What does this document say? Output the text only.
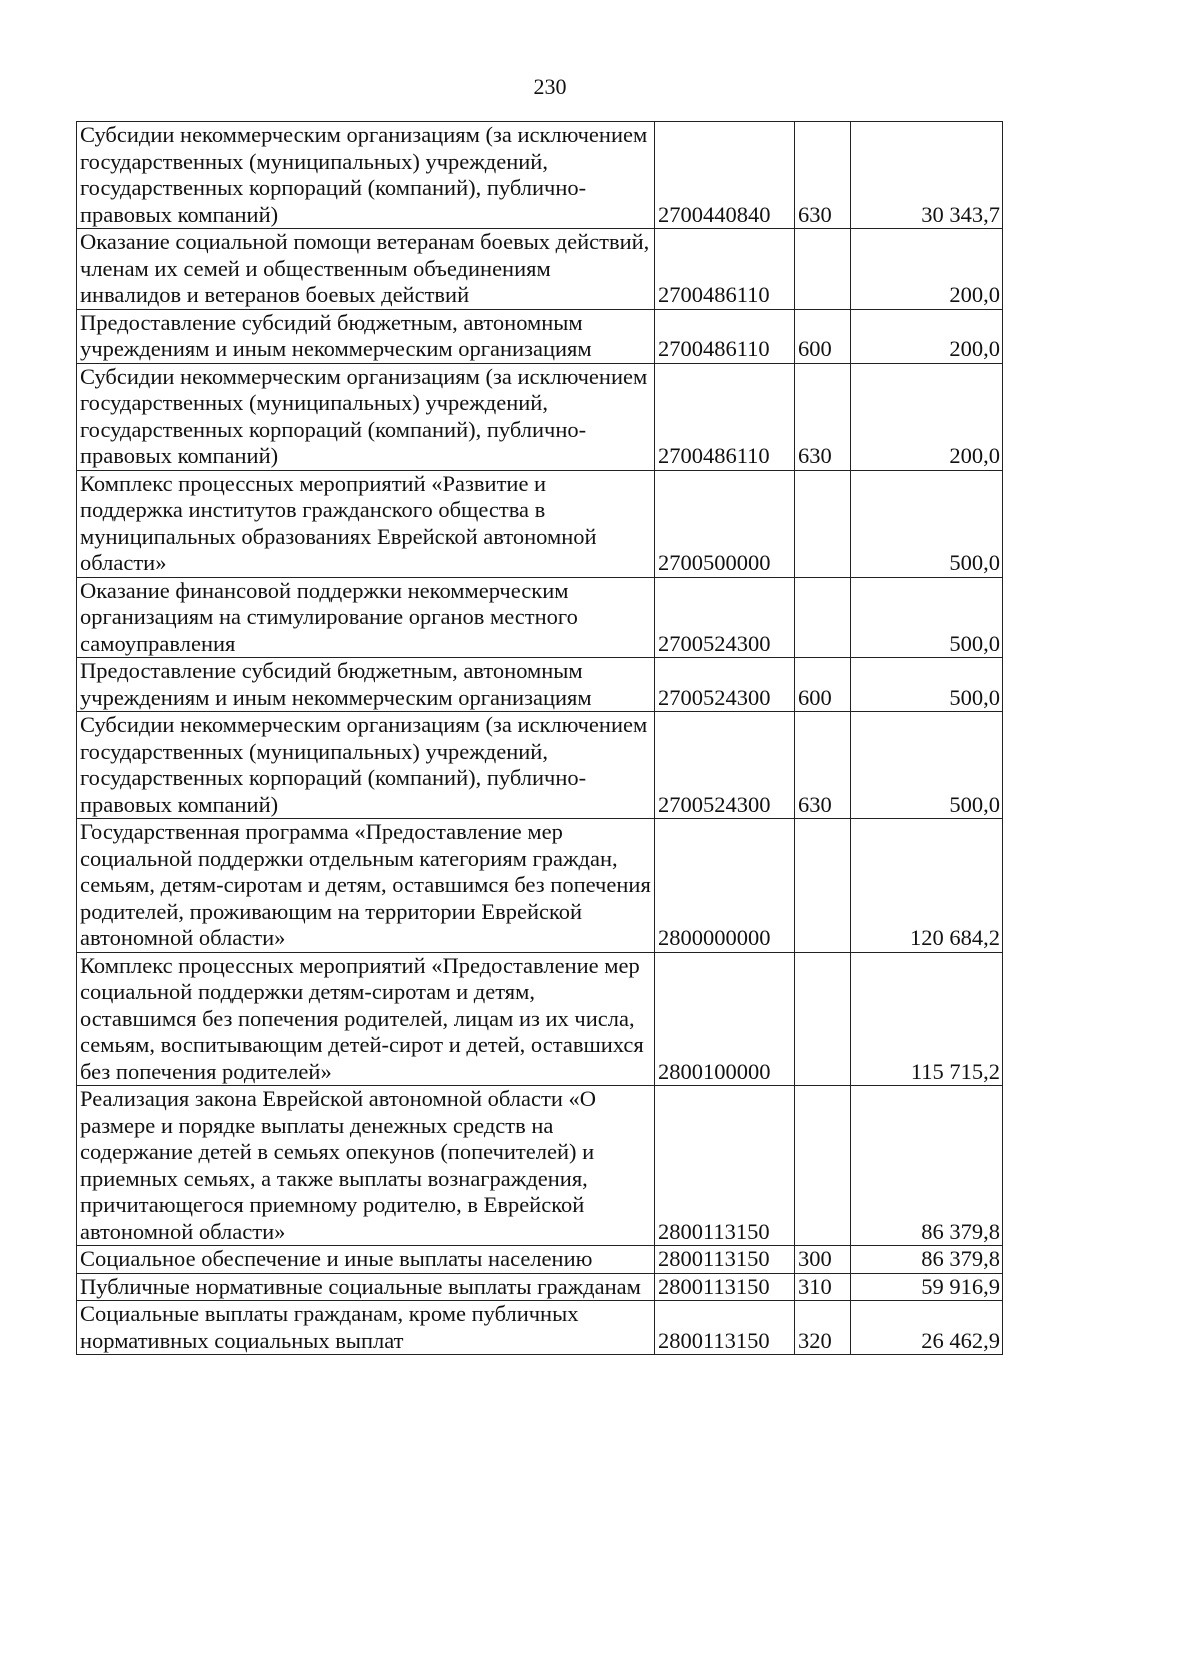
230
Субсидии некоммерческим организациям (за исключением государственных (муниципальных) учреждений, государственных корпораций (компаний), публично-правовых компаний)	2700440840	630	30 343,7
Оказание социальной помощи ветеранам боевых действий, членам их семей и общественным объединениям инвалидов и ветеранов боевых действий	2700486110		200,0
Предоставление субсидий бюджетным, автономным учреждениям и иным некоммерческим организациям	2700486110	600	200,0
Субсидии некоммерческим организациям (за исключением государственных (муниципальных) учреждений, государственных корпораций (компаний), публично-правовых компаний)	2700486110	630	200,0
Комплекс процессных мероприятий «Развитие и поддержка институтов гражданского общества в муниципальных образованиях Еврейской автономной области»	2700500000		500,0
Оказание финансовой поддержки некоммерческим организациям на стимулирование органов местного самоуправления	2700524300		500,0
Предоставление субсидий бюджетным, автономным учреждениям и иным некоммерческим организациям	2700524300	600	500,0
Субсидии некоммерческим организациям (за исключением государственных (муниципальных) учреждений, государственных корпораций (компаний), публично-правовых компаний)	2700524300	630	500,0
Государственная программа «Предоставление мер социальной поддержки отдельным категориям граждан, семьям, детям-сиротам и детям, оставшимся без попечения родителей, проживающим на территории Еврейской автономной области»	2800000000		120 684,2
Комплекс процессных мероприятий «Предоставление мер социальной поддержки детям-сиротам и детям, оставшимся без попечения родителей, лицам из их числа, семьям, воспитывающим детей-сирот и детей, оставшихся без попечения родителей»	2800100000		115 715,2
Реализация закона Еврейской автономной области «О размере и порядке выплаты денежных средств на содержание детей в семьях опекунов (попечителей) и приемных семьях, а также выплаты вознаграждения, причитающегося приемному родителю, в Еврейской автономной области»	2800113150		86 379,8
Социальное обеспечение и иные выплаты населению	2800113150	300	86 379,8
Публичные нормативные социальные выплаты гражданам	2800113150	310	59 916,9
Социальные выплаты гражданам, кроме публичных нормативных социальных выплат	2800113150	320	26 462,9
